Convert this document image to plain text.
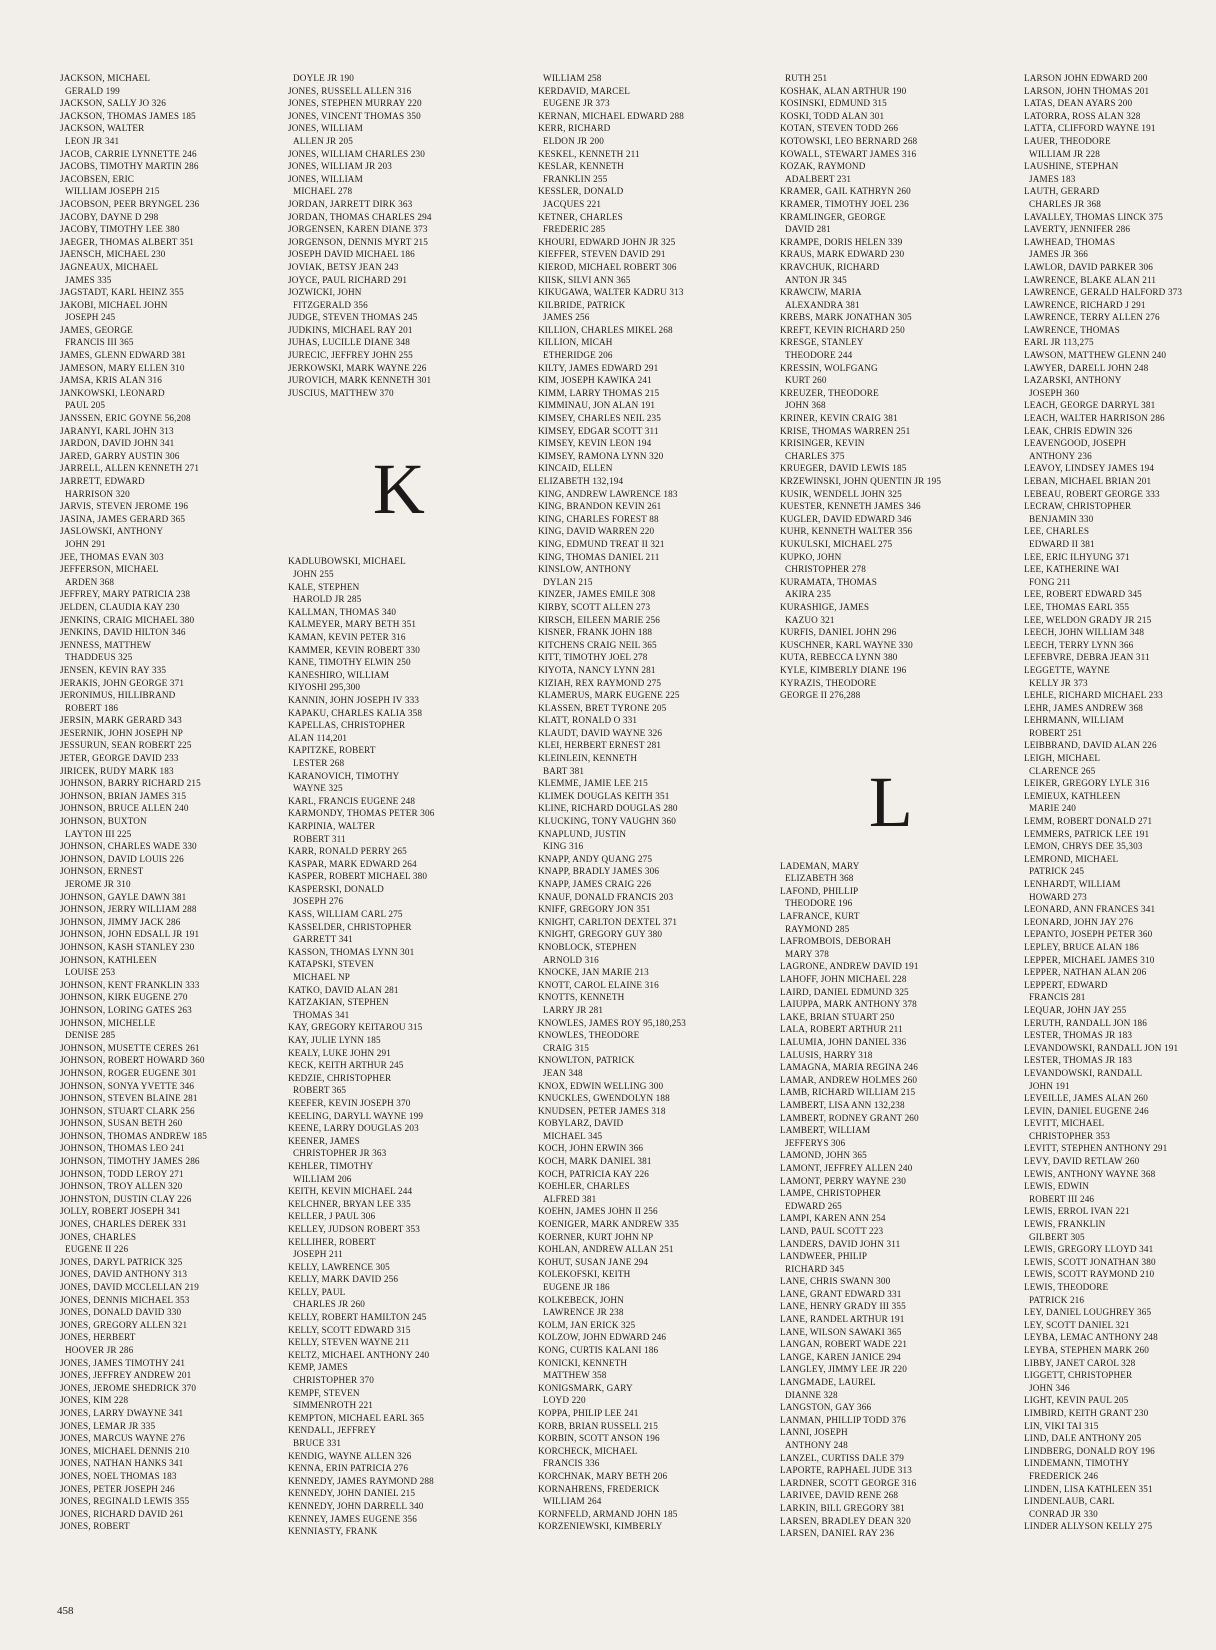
JACKSON, MICHAEL
GERALD 199
JACKSON, SALLY JO 326
JACKSON, THOMAS JAMES 185
JACKSON, WALTER
LEON JR 341
JACOB, CARRIE LYNNETTE 246
JACOBS, TIMOTHY MARTIN 286
JACOBSEN, ERIC
WILLIAM JOSEPH 215
JACOBSON, PEER BRYNGEL 236
JACOBY, DAYNE D 298
JACOBY, TIMOTHY LEE 380
JAEGER, THOMAS ALBERT 351
JAENSCH, MICHAEL 230
JAGNEAUX, MICHAEL
JAMES 335
JAGSTADT, KARL HEINZ 355
JAKOBI, MICHAEL JOHN
JOSEPH 245
JAMES, GEORGE
FRANCIS III 365
JAMES, GLENN EDWARD 381
JAMESON, MARY ELLEN 310
JAMSA, KRIS ALAN 316
JANKOWSKI, LEONARD
PAUL 205
JANSSEN, ERIC GOYNE 56,208
JARANYI, KARL JOHN 313
JARDON, DAVID JOHN 341
JARED, GARRY AUSTIN 306
JARRELL, ALLEN KENNETH 271
JARRETT, EDWARD
HARRISON 320
JARVIS, STEVEN JEROME 196
JASINA, JAMES GERARD 365
JASLOWSKI, ANTHONY
JOHN 291
JEE, THOMAS EVAN 303
JEFFERSON, MICHAEL
ARDEN 368
JEFFREY, MARY PATRICIA 238
JELDEN, CLAUDIA KAY 230
JENKINS, CRAIG MICHAEL 380
JENKINS, DAVID HILTON 346
JENNESS, MATTHEW
THADDEUS 325
JENSEN, KEVIN RAY 335
JERAKIS, JOHN GEORGE 371
JERONIMUS, HILLIBRAND
ROBERT 186
JERSIN, MARK GERARD 343
JESERNIK, JOHN JOSEPH NP
JESSURUN, SEAN ROBERT 225
JETER, GEORGE DAVID 233
JIRICEK, RUDY MARK 183
JOHNSON, BARRY RICHARD 215
JOHNSON, BRIAN JAMES 315
JOHNSON, BRUCE ALLEN 240
JOHNSON, BUXTON
LAYTON III 225
JOHNSON, CHARLES WADE 330
JOHNSON, DAVID LOUIS 226
JOHNSON, ERNEST
JEROME JR 310
JOHNSON, GAYLE DAWN 381
JOHNSON, JERRY WILLIAM 288
JOHNSON, JIMMY JACK 286
JOHNSON, JOHN EDSALL JR 191
JOHNSON, KASH STANLEY 230
JOHNSON, KATHLEEN
LOUISE 253
JOHNSON, KENT FRANKLIN 333
JOHNSON, KIRK EUGENE 270
JOHNSON, LORING GATES 263
JOHNSON, MICHELLE
DENISE 285
JOHNSON, MUSETTE CERES 261
JOHNSON, ROBERT HOWARD 360
JOHNSON, ROGER EUGENE 301
JOHNSON, SONYA YVETTE 346
JOHNSON, STEVEN BLAINE 281
JOHNSON, STUART CLARK 256
JOHNSON, SUSAN BETH 260
JOHNSON, THOMAS ANDREW 185
JOHNSON, THOMAS LEO 241
JOHNSON, TIMOTHY JAMES 286
JOHNSON, TODD LEROY 271
JOHNSON, TROY ALLEN 320
JOHNSTON, DUSTIN CLAY 226
JOLLY, ROBERT JOSEPH 341
JONES, CHARLES DEREK 331
JONES, CHARLES
EUGENE II 226
JONES, DARYL PATRICK 325
JONES, DAVID ANTHONY 313
JONES, DAVID MCCLELLAN 219
JONES, DENNIS MICHAEL 353
JONES, DONALD DAVID 330
JONES, GREGORY ALLEN 321
JONES, HERBERT
HOOVER JR 286
JONES, JAMES TIMOTHY 241
JONES, JEFFREY ANDREW 201
JONES, JEROME SHEDRICK 370
JONES, KIM 228
JONES, LARRY DWAYNE 341
JONES, LEMAR JR 335
JONES, MARCUS WAYNE 276
JONES, MICHAEL DENNIS 210
JONES, NATHAN HANKS 341
JONES, NOEL THOMAS 183
JONES, PETER JOSEPH 246
JONES, REGINALD LEWIS 355
JONES, RICHARD DAVID 261
JONES, ROBERT
DOYLE JR 190
JONES, RUSSELL ALLEN 316
JONES, STEPHEN MURRAY 220
JONES, VINCENT THOMAS 350
JONES, WILLIAM
ALLEN JR 205
JONES, WILLIAM CHARLES 230
JONES, WILLIAM JR 203
JONES, WILLIAM
MICHAEL 278
JORDAN, JARRETT DIRK 363
JORDAN, THOMAS CHARLES 294
JORGENSEN, KAREN DIANE 373
JORGENSON, DENNIS MYRT 215
JOSEPH DAVID MICHAEL 186
JOVIAK, BETSY JEAN 243
JOYCE, PAUL RICHARD 291
JOZWICKI, JOHN
FITZGERALD 356
JUDGE, STEVEN THOMAS 245
JUDKINS, MICHAEL RAY 201
JUHAS, LUCILLE DIANE 348
JURECIC, JEFFREY JOHN 255
JERKOWSKI, MARK WAYNE 226
JUROVICH, MARK KENNETH 301
JUSCIUS, MATTHEW 370
K
KADLUBOWSKI, MICHAEL
JOHN 255
KALE, STEPHEN
HAROLD JR 285
KALLMAN, THOMAS 340
KALMEYER, MARY BETH 351
KAMAN, KEVIN PETER 316
KAMMER, KEVIN ROBERT 330
KANE, TIMOTHY ELWIN 250
KANESHIRO, WILLIAM
KIYOSHI 295,300
KANNIN, JOHN JOSEPH IV 333
KAPAKU, CHARLES KALIA 358
KAPELLAS, CHRISTOPHER
ALAN 114,201
KAPITZKE, ROBERT
LESTER 268
KARANOVICH, TIMOTHY
WAYNE 325
KARL, FRANCIS EUGENE 248
KARMONDY, THOMAS PETER 306
KARPINIA, WALTER
ROBERT 311
KARR, RONALD PERRY 265
KASPAR, MARK EDWARD 264
KASPER, ROBERT MICHAEL 380
KASPERSKI, DONALD
JOSEPH 276
KASS, WILLIAM CARL 275
KASSELDER, CHRISTOPHER
GARRETT 341
KASSON, THOMAS LYNN 301
KATAPSKI, STEVEN
MICHAEL NP
KATKO, DAVID ALAN 281
KATZAKIAN, STEPHEN
THOMAS 341
KAY, GREGORY KEITAROU 315
KAY, JULIE LYNN 185
KEALY, LUKE JOHN 291
KECK, KEITH ARTHUR 245
KEDZIE, CHRISTOPHER
ROBERT 365
KEEFER, KEVIN JOSEPH 370
KEELING, DARYLL WAYNE 199
KEENE, LARRY DOUGLAS 203
KEENER, JAMES
CHRISTOPHER JR 363
KEHLER, TIMOTHY
WILLIAM 206
KEITH, KEVIN MICHAEL 244
KELCHNER, BRYAN LEE 335
KELLER, J PAUL 306
KELLEY, JUDSON ROBERT 353
KELLIHER, ROBERT
JOSEPH 211
KELLY, LAWRENCE 305
KELLY, MARK DAVID 256
KELLY, PAUL
CHARLES JR 260
KELLY, ROBERT HAMILTON 245
KELLY, SCOTT EDWARD 315
KELLY, STEVEN WAYNE 211
KELTZ, MICHAEL ANTHONY 240
KEMP, JAMES
CHRISTOPHER 370
KEMPF, STEVEN
SIMMENROTH 221
KEMPTON, MICHAEL EARL 365
KENDALL, JEFFREY
BRUCE 331
KENDIG, WAYNE ALLEN 326
KENNA, ERIN PATRICIA 276
KENNEDY, JAMES RAYMOND 288
KENNEDY, JOHN DANIEL 215
KENNEDY, JOHN DARRELL 340
KENNEY, JAMES EUGENE 356
KENNIASTY, FRANK
WILLIAM 258
KERDAVID, MARCEL
EUGENE JR 373
KERNAN, MICHAEL EDWARD 288
KERR, RICHARD
ELDON JR 200
KESKEL, KENNETH 211
KESLAR, KENNETH
FRANKLIN 255
KESSLER, DONALD
JACQUES 221
KETNER, CHARLES
FREDERIC 285
KHOURI, EDWARD JOHN JR 325
KIEFFER, STEVEN DAVID 291
KIEROD, MICHAEL ROBERT 306
KIISK, SILVI ANN 365
KIKUGAWA, WALTER KADRU 313
KILBRIDE, PATRICK
JAMES 256
KILLION, CHARLES MIKEL 268
KILLION, MICAH
ETHERIDGE 206
KILTY, JAMES EDWARD 291
KIM, JOSEPH KAWIKA 241
KIMM, LARRY THOMAS 215
KIMMINAU, JON ALAN 191
KIMSEY, CHARLES NEIL 235
KIMSEY, EDGAR SCOTT 311
KIMSEY, KEVIN LEON 194
KIMSEY, RAMONA LYNN 320
KINCAID, ELLEN
ELIZABETH 132,194
KING, ANDREW LAWRENCE 183
KING, BRANDON KEVIN 261
KING, CHARLES FOREST 88
KING, DAVID WARREN 220
KING, EDMUND TREAT II 321
KING, THOMAS DANIEL 211
KINSLOW, ANTHONY
DYLAN 215
KINZER, JAMES EMILE 308
KIRBY, SCOTT ALLEN 273
KIRSCH, EILEEN MARIE 256
KISNER, FRANK JOHN 188
KITCHENS CRAIG NEIL 365
KITT, TIMOTHY JOEL 278
KIYOTA, NANCY LYNN 281
KIZIAH, REX RAYMOND 275
KLAMERUS, MARK EUGENE 225
KLASSEN, BRET TYRONE 205
KLATT, RONALD O 331
KLAUDT, DAVID WAYNE 326
KLEI, HERBERT ERNEST 281
KLEINLEIN, KENNETH
BART 381
KLEMME, JAMIE LEE 215
KLIMEK DOUGLAS KEITH 351
KLINE, RICHARD DOUGLAS 280
KLUCKING, TONY VAUGHN 360
KNAPLUND, JUSTIN
KING 316
KNAPP, ANDY QUANG 275
KNAPP, BRADLY JAMES 306
KNAPP, JAMES CRAIG 226
KNAUF, DONALD FRANCIS 203
KNIFF, GREGORY JON 351
KNIGHT, CARLTON DEXTEL 371
KNIGHT, GREGORY GUY 380
KNOBLOCK, STEPHEN
ARNOLD 316
KNOCKE, JAN MARIE 213
KNOTT, CAROL ELAINE 316
KNOTTS, KENNETH
LARRY JR 281
KNOWLES, JAMES ROY 95,180,253
KNOWLES, THEODORE
CRAIG 315
KNOWLTON, PATRICK
JEAN 348
KNOX, EDWIN WELLING 300
KNUCKLES, GWENDOLYN 188
KNUDSEN, PETER JAMES 318
KOBYLARZ, DAVID
MICHAEL 345
KOCH, JOHN ERWIN 366
KOCH, MARK DANIEL 381
KOCH, PATRICIA KAY 226
KOEHLER, CHARLES
ALFRED 381
KOEHN, JAMES JOHN II 256
KOENIGER, MARK ANDREW 335
KOERNER, KURT JOHN NP
KOHLAN, ANDREW ALLAN 251
KOHUT, SUSAN JANE 294
KOLEKOFSKI, KEITH
EUGENE JR 186
KOLKEBECK, JOHN
LAWRENCE JR 238
KOLM, JAN ERICK 325
KOLZOW, JOHN EDWARD 246
KONG, CURTIS KALANI 186
KONICKI, KENNETH
MATTHEW 358
KONIGSMARK, GARY
LOYD 220
KOPPA, PHILIP LEE 241
KORB, BRIAN RUSSELL 215
KORBIN, SCOTT ANSON 196
KORCHECK, MICHAEL
FRANCIS 336
KORCHNAK, MARY BETH 206
KORNAHRENS, FREDERICK
WILLIAM 264
KORNFELD, ARMAND JOHN 185
KORZENIEWSKI, KIMBERLY
RUTH 251
KOSHAK, ALAN ARTHUR 190
KOSINSKI, EDMUND 315
KOSKI, TODD ALAN 301
KOTAN, STEVEN TODD 266
KOTOWSKI, LEO BERNARD 268
KOWALL, STEWART JAMES 316
KOZAK, RAYMOND
ADALBERT 231
KRAMER, GAIL KATHRYN 260
KRAMER, TIMOTHY JOEL 236
KRAMLINGER, GEORGE
DAVID 281
KRAMPE, DORIS HELEN 339
KRAUS, MARK EDWARD 230
KRAVCHUK, RICHARD
ANTON JR 345
KRAWCIW, MARIA
ALEXANDRA 381
KREBS, MARK JONATHAN 305
KREFT, KEVIN RICHARD 250
KRESGE, STANLEY
THEODORE 244
KRESSIN, WOLFGANG
KURT 260
KREUZER, THEODORE
JOHN 368
KRINER, KEVIN CRAIG 381
KRISE, THOMAS WARREN 251
KRISINGER, KEVIN
CHARLES 375
KRUEGER, DAVID LEWIS 185
KRZEWINSKI, JOHN QUENTIN JR 195
KUSIK, WENDELL JOHN 325
KUESTER, KENNETH JAMES 346
KUGLER, DAVID EDWARD 346
KUHR, KENNETH WALTER 356
KUKULSKI, MICHAEL 275
KUPKO, JOHN
CHRISTOPHER 278
KURAMATA, THOMAS
AKIRA 235
KURASHIGE, JAMES
KAZUO 321
KURFIS, DANIEL JOHN 296
KUSCHNER, KARL WAYNE 330
KUTA, REBECCA LYNN 380
KYLE, KIMBERLY DIANE 196
KYRAZIS, THEODORE
GEORGE II 276,288
L
LADEMAN, MARY
ELIZABETH 368
LAFOND, PHILLIP
THEODORE 196
LAFRANCE, KURT
RAYMOND 285
LAFROMBOIS, DEBORAH
MARY 378
LAGRONE, ANDREW DAVID 191
LAHOFF, JOHN MICHAEL 228
LAIRD, DANIEL EDMUND 325
LAIUPPA, MARK ANTHONY 378
LAKE, BRIAN STUART 250
LALA, ROBERT ARTHUR 211
LALUMIA, JOHN DANIEL 336
LALUSIS, HARRY 318
LAMAGNA, MARIA REGINA 246
LAMAR, ANDREW HOLMES 260
LAMB, RICHARD WILLIAM 215
LAMBERT, LISA ANN 132,238
LAMBERT, RODNEY GRANT 260
LAMBERT, WILLIAM
JEFFERYS 306
LAMOND, JOHN 365
LAMONT, JEFFREY ALLEN 240
LAMONT, PERRY WAYNE 230
LAMPE, CHRISTOPHER
EDWARD 265
LAMPI, KAREN ANN 254
LAND, PAUL SCOTT 223
LANDERS, DAVID JOHN 311
LANDWEER, PHILIP
RICHARD 345
LANE, CHRIS SWANN 300
LANE, GRANT EDWARD 331
LANE, HENRY GRADY III 355
LANE, RANDEL ARTHUR 191
LANE, WILSON SAWAKI 365
LANGAN, ROBERT WADE 221
LANGE, KAREN JANICE 294
LANGLEY, JIMMY LEE JR 220
LANGMADE, LAUREL
DIANNE 328
LANGSTON, GAY 366
LANMAN, PHILLIP TODD 376
LANNI, JOSEPH
ANTHONY 248
LANZEL, CURTISS DALE 379
LAPORTE, RAPHAEL JUDE 313
LARDNER, SCOTT GEORGE 316
LARIVEE, DAVID RENE 268
LARKIN, BILL GREGORY 381
LARSEN, BRADLEY DEAN 320
LARSEN, DANIEL RAY 236
LARSON JOHN EDWARD 200
LARSON, JOHN THOMAS 201
LATAS, DEAN AYARS 200
LATORRA, ROSS ALAN 328
LATTA, CLIFFORD WAYNE 191
LAUER, THEODORE
WILLIAM JR 228
LAUSHINE, STEPHAN
JAMES 183
LAUTH, GERARD
CHARLES JR 368
LAVALLEY, THOMAS LINCK 375
LAVERTY, JENNIFER 286
LAWHEAD, THOMAS
JAMES JR 366
LAWLOR, DAVID PARKER 306
LAWRENCE, BLAKE ALAN 211
LAWRENCE, GERALD HALFORD 373
LAWRENCE, RICHARD J 291
LAWRENCE, TERRY ALLEN 276
LAWRENCE, THOMAS
EARL JR 113,275
LAWSON, MATTHEW GLENN 240
LAWYER, DARELL JOHN 248
LAZARSKI, ANTHONY
JOSEPH 360
LEACH, GEORGE DARRYL 381
LEACH, WALTER HARRISON 286
LEAK, CHRIS EDWIN 326
LEAVENGOOD, JOSEPH
ANTHONY 236
LEAVOY, LINDSEY JAMES 194
LEBAN, MICHAEL BRIAN 201
LEBEAU, ROBERT GEORGE 333
LECRAW, CHRISTOPHER
BENJAMIN 330
LEE, CHARLES
EDWARD II 381
LEE, ERIC ILHYUNG 371
LEE, KATHERINE WAI
FONG 211
LEE, ROBERT EDWARD 345
LEE, THOMAS EARL 355
LEE, WELDON GRADY JR 215
LEECH, JOHN WILLIAM 348
LEECH, TERRY LYNN 366
LEFEBVRE, DEBRA JEAN 311
LEGGETTE, WAYNE
KELLY JR 373
LEHLE, RICHARD MICHAEL 233
LEHR, JAMES ANDREW 368
LEHRMANN, WILLIAM
ROBERT 251
LEIBBRAND, DAVID ALAN 226
LEIGH, MICHAEL
CLARENCE 265
LEIKER, GREGORY LYLE 316
LEMIEUX, KATHLEEN
MARIE 240
LEMM, ROBERT DONALD 271
LEMMERS, PATRICK LEE 191
LEMON, CHRYS DEE 35,303
LEMROND, MICHAEL
PATRICK 245
LENHARDT, WILLIAM
HOWARD 273
LEONARD, ANN FRANCES 341
LEONARD, JOHN JAY 276
LEPANTO, JOSEPH PETER 360
LEPLEY, BRUCE ALAN 186
LEPPER, MICHAEL JAMES 310
LEPPER, NATHAN ALAN 206
LEPPERT, EDWARD
FRANCIS 281
LEQUAR, JOHN JAY 255
LERUTH, RANDALL JON 186
LESTER, THOMAS JR 183
LEVANDOWSKI, RANDALL JON 191
LESTER, THOMAS JR 183
LEVANDOWSKI, RANDALL
JOHN 191
LEVEILLE, JAMES ALAN 260
LEVIN, DANIEL EUGENE 246
LEVITT, MICHAEL
CHRISTOPHER 353
LEVITT, STEPHEN ANTHONY 291
LEVY, DAVID RETLAW 260
LEWIS, ANTHONY WAYNE 368
LEWIS, EDWIN
ROBERT III 246
LEWIS, ERROL IVAN 221
LEWIS, FRANKLIN
GILBERT 305
LEWIS, GREGORY LLOYD 341
LEWIS, SCOTT JONATHAN 380
LEWIS, SCOTT RAYMOND 210
LEWIS, THEODORE
PATRICK 216
LEY, DANIEL LOUGHREY 365
LEY, SCOTT DANIEL 321
LEYBA, LEMAC ANTHONY 248
LEYBA, STEPHEN MARK 260
LIBBY, JANET CAROL 328
LIGGETT, CHRISTOPHER
JOHN 346
LIGHT, KEVIN PAUL 205
LIMBIRD, KEITH GRANT 230
LIN, VIKI TAI 315
LIND, DALE ANTHONY 205
LINDBERG, DONALD ROY 196
LINDEMANN, TIMOTHY
FREDERICK 246
LINDEN, LISA KATHLEEN 351
LINDENLAUB, CARL
CONRAD JR 330
LINDER ALLYSON KELLY 275
458
